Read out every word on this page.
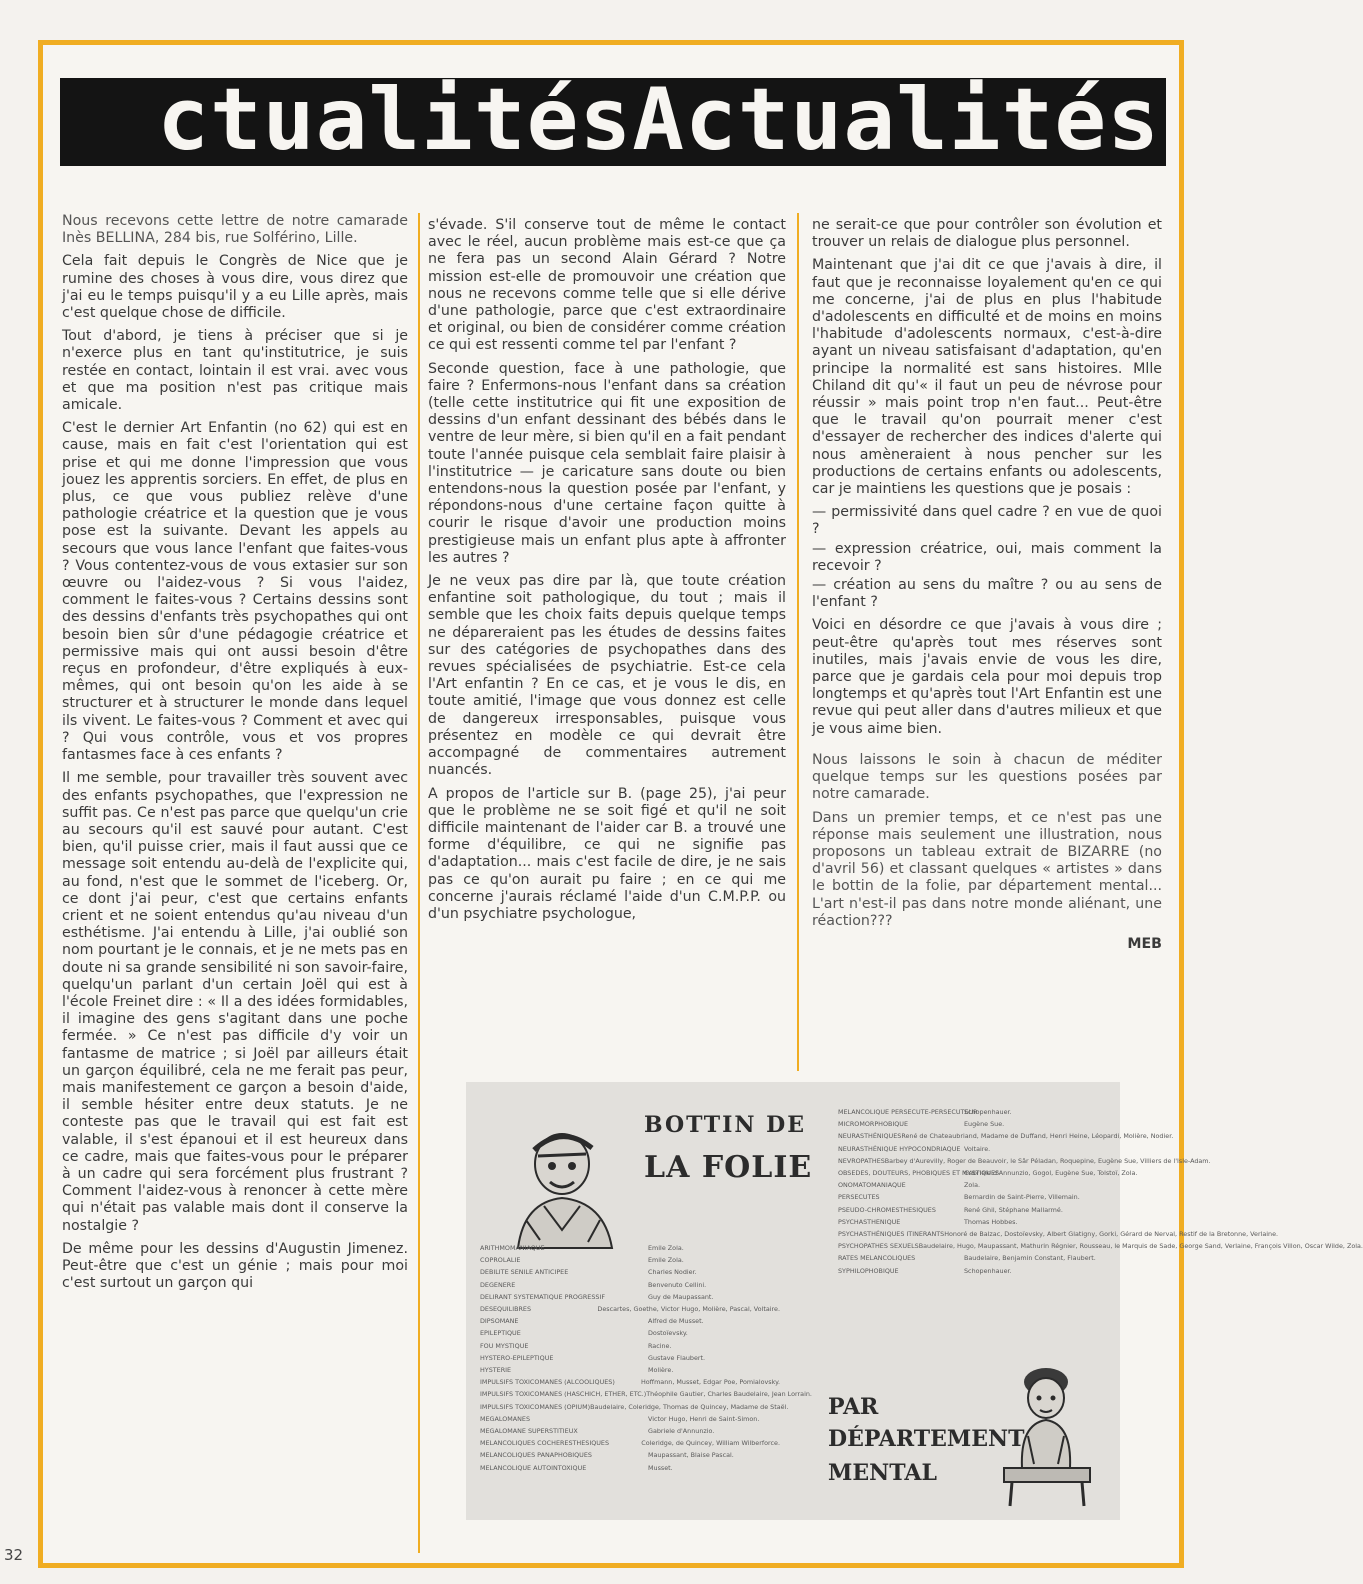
ctualitésActualités

Nous recevons cette lettre de notre camarade Inès BELLINA, 284 bis, rue Solférino, Lille.

Cela fait depuis le Congrès de Nice que je rumine des choses à vous dire, vous direz que j'ai eu le temps puisqu'il y a eu Lille après, mais c'est quelque chose de difficile.

Tout d'abord, je tiens à préciser que si je n'exerce plus en tant qu'institutrice, je suis restée en contact, lointain il est vrai. avec vous et que ma position n'est pas critique mais amicale.

C'est le dernier Art Enfantin (no 62) qui est en cause, mais en fait c'est l'orientation qui est prise et qui me donne l'impression que vous jouez les apprentis sorciers. En effet, de plus en plus, ce que vous publiez relève d'une pathologie créatrice et la question que je vous pose est la suivante. Devant les appels au secours que vous lance l'enfant que faites-vous ? Vous contentez-vous de vous extasier sur son œuvre ou l'aidez-vous ? Si vous l'aidez, comment le faites-vous ? Certains dessins sont des dessins d'enfants très psychopathes qui ont besoin bien sûr d'une pédagogie créatrice et permissive mais qui ont aussi besoin d'être reçus en profondeur, d'être expliqués à eux-mêmes, qui ont besoin qu'on les aide à se structurer et à structurer le monde dans lequel ils vivent. Le faites-vous ? Comment et avec qui ? Qui vous contrôle, vous et vos propres fantasmes face à ces enfants ?

Il me semble, pour travailler très souvent avec des enfants psychopathes, que l'expression ne suffit pas. Ce n'est pas parce que quelqu'un crie au secours qu'il est sauvé pour autant. C'est bien, qu'il puisse crier, mais il faut aussi que ce message soit entendu au-delà de l'explicite qui, au fond, n'est que le sommet de l'iceberg. Or, ce dont j'ai peur, c'est que certains enfants crient et ne soient entendus qu'au niveau d'un esthétisme. J'ai entendu à Lille, j'ai oublié son nom pourtant je le connais, et je ne mets pas en doute ni sa grande sensibilité ni son savoir-faire, quelqu'un parlant d'un certain Joël qui est à l'école Freinet dire : « Il a des idées formidables, il imagine des gens s'agitant dans une poche fermée. » Ce n'est pas difficile d'y voir un fantasme de matrice ; si Joël par ailleurs était un garçon équilibré, cela ne me ferait pas peur, mais manifestement ce garçon a besoin d'aide, il semble hésiter entre deux statuts. Je ne conteste pas que le travail qui est fait est valable, il s'est épanoui et il est heureux dans ce cadre, mais que faites-vous pour le préparer à un cadre qui sera forcément plus frustrant ? Comment l'aidez-vous à renoncer à cette mère qui n'était pas valable mais dont il conserve la nostalgie ?

De même pour les dessins d'Augustin Jimenez. Peut-être que c'est un génie ; mais pour moi c'est surtout un garçon qui

s'évade. S'il conserve tout de même le contact avec le réel, aucun problème mais est-ce que ça ne fera pas un second Alain Gérard ? Notre mission est-elle de promouvoir une création que nous ne recevons comme telle que si elle dérive d'une pathologie, parce que c'est extraordinaire et original, ou bien de considérer comme création ce qui est ressenti comme tel par l'enfant ?

Seconde question, face à une pathologie, que faire ? Enfermons-nous l'enfant dans sa création (telle cette institutrice qui fit une exposition de dessins d'un enfant dessinant des bébés dans le ventre de leur mère, si bien qu'il en a fait pendant toute l'année puisque cela semblait faire plaisir à l'institutrice — je caricature sans doute ou bien entendons-nous la question posée par l'enfant, y répondons-nous d'une certaine façon quitte à courir le risque d'avoir une production moins prestigieuse mais un enfant plus apte à affronter les autres ?

Je ne veux pas dire par là, que toute création enfantine soit pathologique, du tout ; mais il semble que les choix faits depuis quelque temps ne dépareraient pas les études de dessins faites sur des catégories de psychopathes dans des revues spécialisées de psychiatrie. Est-ce cela l'Art enfantin ? En ce cas, et je vous le dis, en toute amitié, l'image que vous donnez est celle de dangereux irresponsables, puisque vous présentez en modèle ce qui devrait être accompagné de commentaires autrement nuancés.

A propos de l'article sur B. (page 25), j'ai peur que le problème ne se soit figé et qu'il ne soit difficile maintenant de l'aider car B. a trouvé une forme d'équilibre, ce qui ne signifie pas d'adaptation... mais c'est facile de dire, je ne sais pas ce qu'on aurait pu faire ; en ce qui me concerne j'aurais réclamé l'aide d'un C.M.P.P. ou d'un psychiatre psychologue,

ne serait-ce que pour contrôler son évolution et trouver un relais de dialogue plus personnel.

Maintenant que j'ai dit ce que j'avais à dire, il faut que je reconnaisse loyalement qu'en ce qui me concerne, j'ai de plus en plus l'habitude d'adolescents en difficulté et de moins en moins l'habitude d'adolescents normaux, c'est-à-dire ayant un niveau satisfaisant d'adaptation, qu'en principe la normalité est sans histoires. Mlle Chiland dit qu'« il faut un peu de névrose pour réussir » mais point trop n'en faut... Peut-être que le travail qu'on pourrait mener c'est d'essayer de rechercher des indices d'alerte qui nous amèneraient à nous pencher sur les productions de certains enfants ou adolescents, car je maintiens les questions que je posais :

— permissivité dans quel cadre ? en vue de quoi ?

— expression créatrice, oui, mais comment la recevoir ?

— création au sens du maître ? ou au sens de l'enfant ?

Voici en désordre ce que j'avais à vous dire ; peut-être qu'après tout mes réserves sont inutiles, mais j'avais envie de vous les dire, parce que je gardais cela pour moi depuis trop longtemps et qu'après tout l'Art Enfantin est une revue qui peut aller dans d'autres milieux et que je vous aime bien.

Nous laissons le soin à chacun de méditer quelque temps sur les questions posées par notre camarade.

Dans un premier temps, et ce n'est pas une réponse mais seulement une illustration, nous proposons un tableau extrait de BIZARRE (no d'avril 56) et classant quelques « artistes » dans le bottin de la folie, par département mental... L'art n'est-il pas dans notre monde aliénant, une réaction???

MEB
BOTTIN DE
LA FOLIE
ARITHMOMANIAQUE	Emile Zola.
COPROLALIE	Emile Zola.
DEBILITE SENILE ANTICIPEE	Charles Nodier.
DEGENERE	Benvenuto Cellini.
DELIRANT SYSTEMATIQUE PROGRESSIF	Guy de Maupassant.
DESEQUILIBRES	Descartes, Goethe, Victor Hugo, Molière, Pascal, Voltaire.
DIPSOMANE	Alfred de Musset.
EPILEPTIQUE	Dostoïevsky.
FOU MYSTIQUE	Racine.
HYSTERO-EPILEPTIQUE	Gustave Flaubert.
HYSTERIE	Molière.
IMPULSIFS TOXICOMANES (ALCOOLIQUES)	Hoffmann, Musset, Edgar Poe, Pomialovsky.
IMPULSIFS TOXICOMANES (HASCHICH, ETHER, ETC.) Théophile Gautier, Charles Baudelaire, Jean Lorrain.
IMPULSIFS TOXICOMANES (OPIUM) Baudelaire, Coleridge, Thomas de Quincey, Madame de Staël.
MEGALOMANES	Victor Hugo, Henri de Saint-Simon.
MEGALOMANE SUPERSTITIEUX	Gabriele d'Annunzio.
MELANCOLIQUES COCHERESTHESIQUES	Coleridge, de Quincey, William Wilberforce.
MELANCOLIQUES PANAPHOBIQUES	Maupassant, Blaise Pascal.
MELANCOLIQUE AUTOINTOXIQUE	Musset.
MELANCOLIQUE PERSECUTE-PERSECUTEUR
Schopenhauer.
MICROMORPHOBIQUE	Eugène Sue.
NEURASTHÉNIQUES René de Chateaubriand, Madame de Duffand, Henri Heine, Léopardi, Molière, Nodier.
NEURASTHÉNIQUE HYPOCONDRIAQUE Voltaire.
NEVROPATHES Barbey d'Aurevilly, Roger de Beauvoir, le Sâr Péladan, Roquepine, Eugène Sue, Villiers de l'Isle-Adam.
OBSEDES, DOUTEURS, PHOBIQUES ET MYSTIQUES
Gabriele d'Annunzio, Gogol, Eugène Sue, Tolstoï, Zola.
ONOMATOMANIAQUE	Zola.
PERSECUTES	Bernardin de Saint-Pierre, Villemain.
PSEUDO-CHROMESTHESIQUES	René Ghil, Stéphane Mallarmé.
PSYCHASTHENIQUE	Thomas Hobbes.
PSYCHASTHÉNIQUES ITINERANTS Honoré de Balzac, Dostoïevsky, Albert Glatigny, Gorki, Gérard de Nerval, Restif de la Bretonne, Verlaine.
PSYCHOPATHES SEXUELS Baudelaire, Hugo, Maupassant, Mathurin Régnier, Rousseau, le Marquis de Sade, George Sand, Verlaine, François Villon, Oscar Wilde, Zola.
RATES MELANCOLIQUES	Baudelaire, Benjamin Constant, Flaubert.
SYPHILOPHOBIQUE	Schopenhauer.
PAR
DÉPARTEMENT
MENTAL
32
